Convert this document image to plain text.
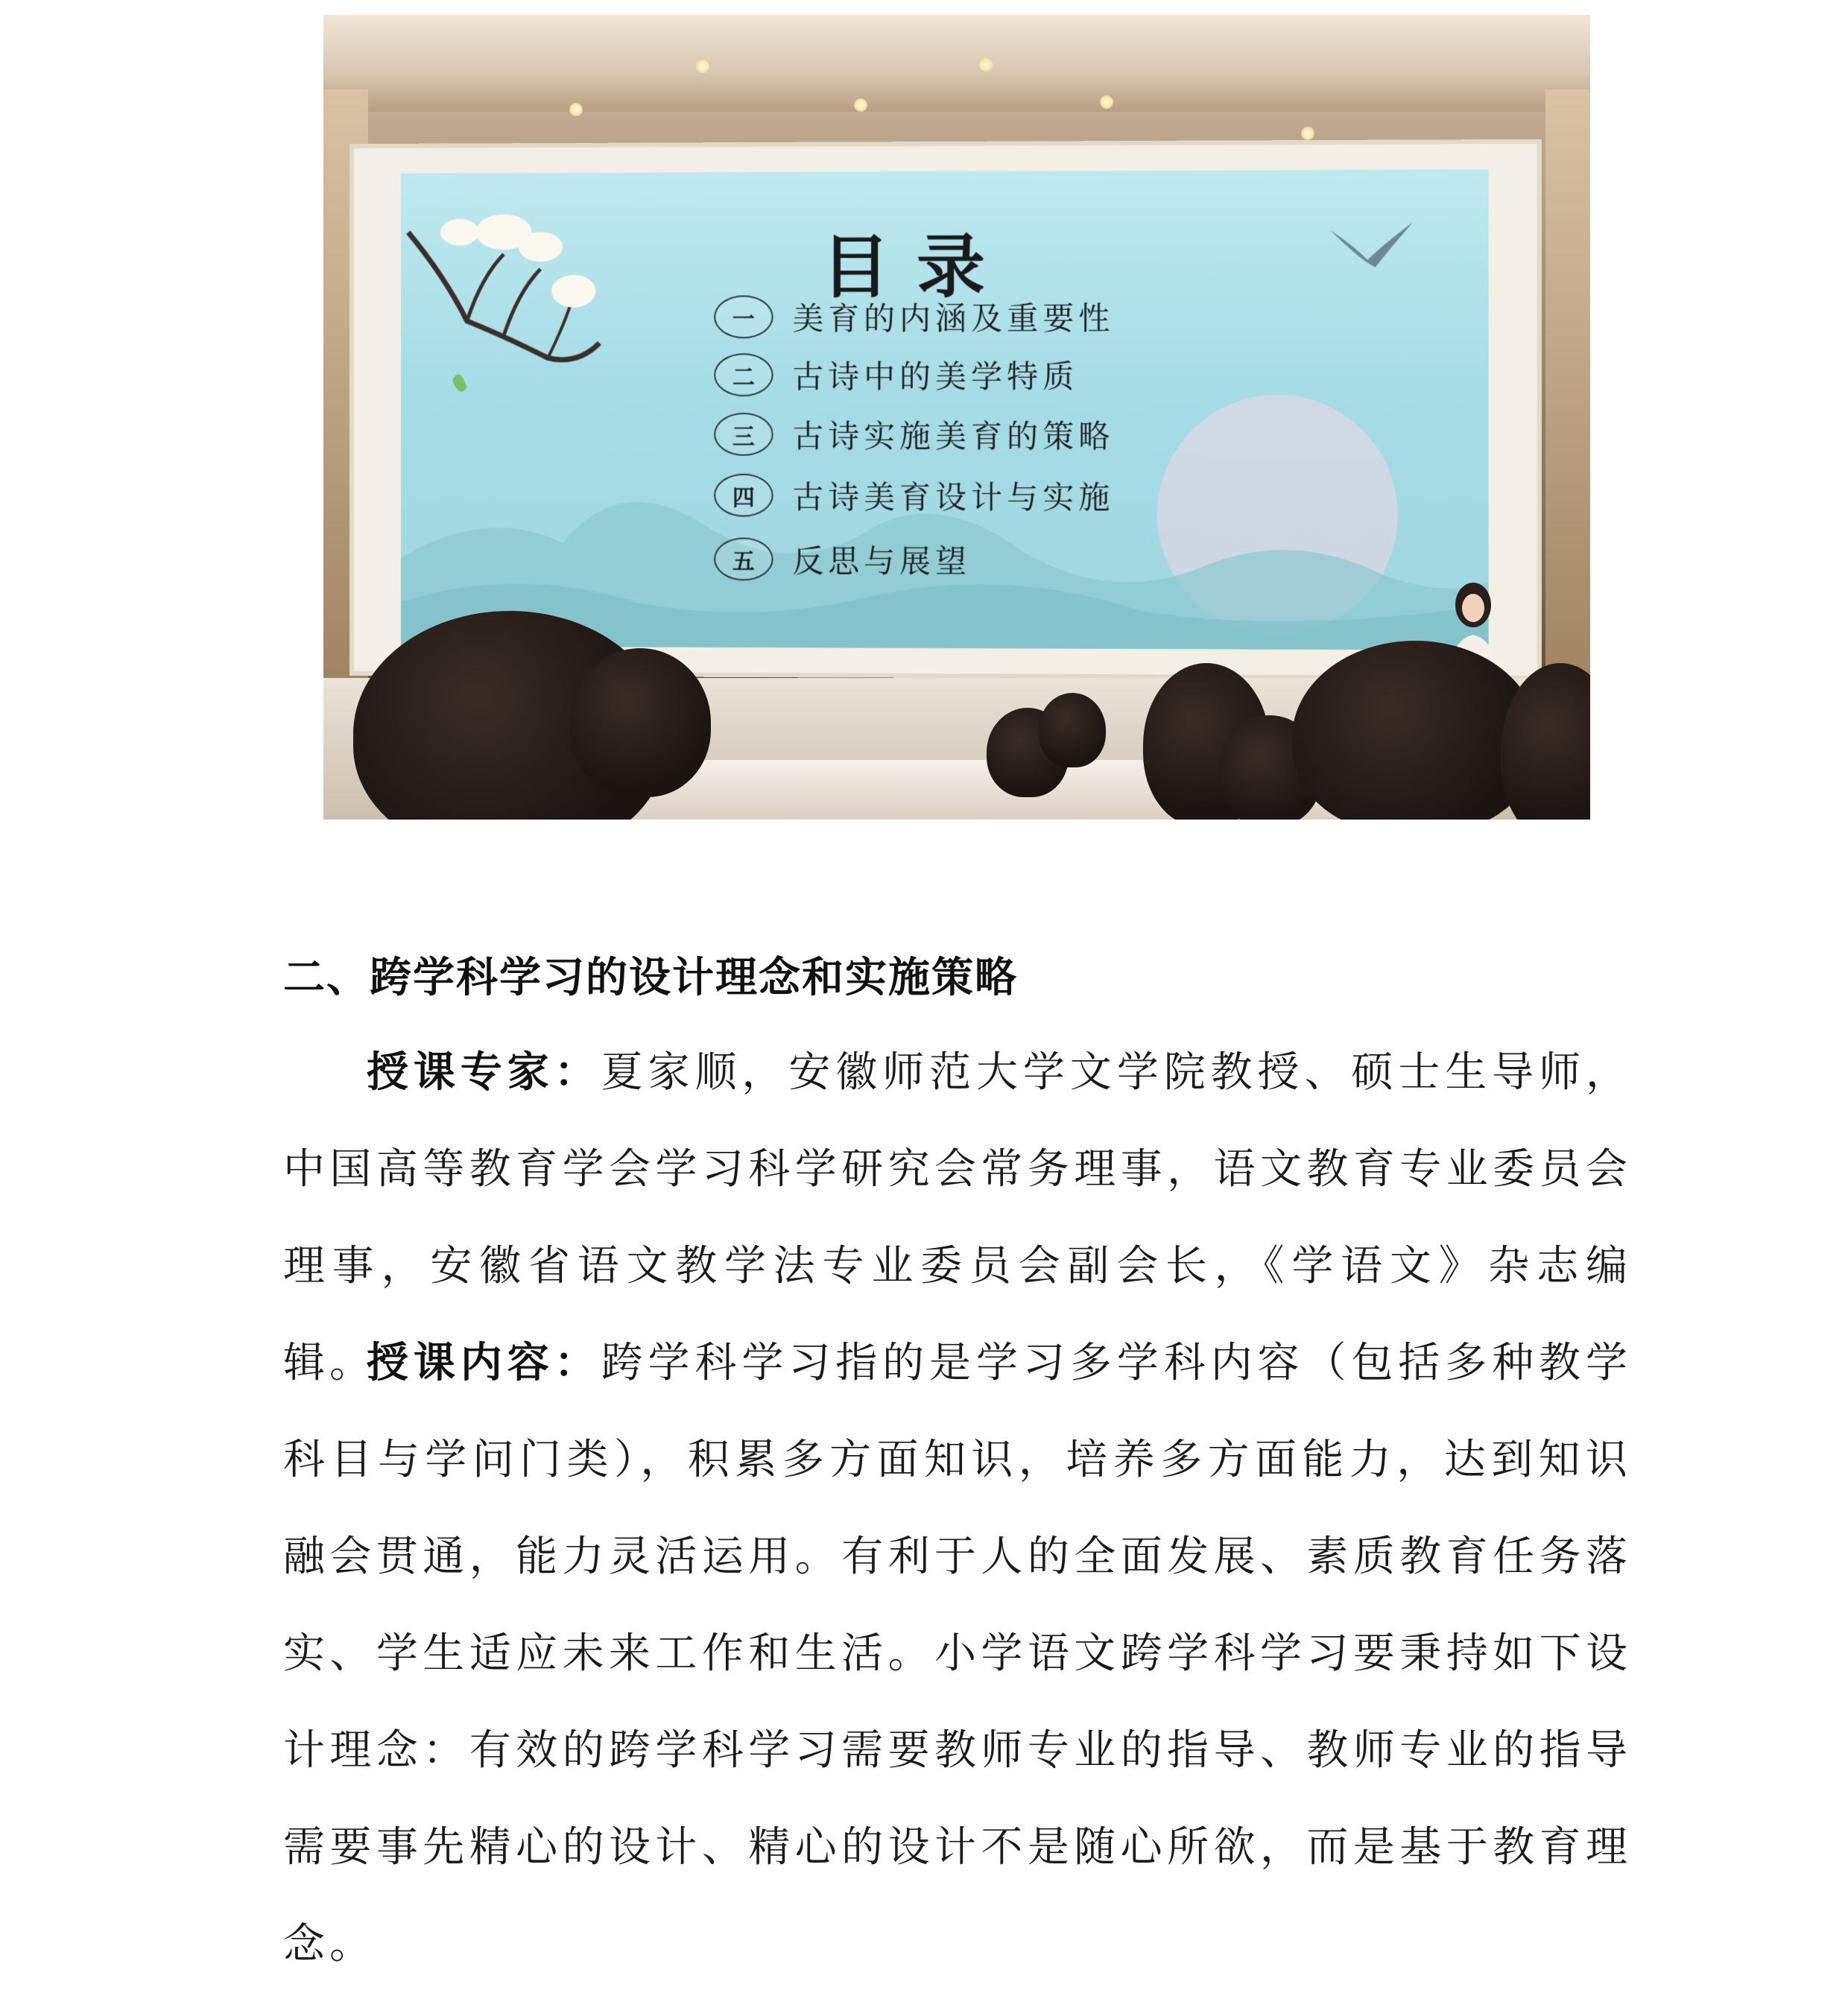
目录
一	美育的内涵及重要性
二	古诗中的美学特质
三	古诗实施美育的策略
四	古诗美育设计与实施
五	反思与展望
二、跨学科学习的设计理念和实施策略

授课专家：夏家顺，安徽师范大学文学院教授、硕士生导师，中国高等教育学会学习科学研究会常务理事，语文教育专业委员会理事，安徽省语文教学法专业委员会副会长，《学语文》杂志编辑。

授课内容：跨学科学习指的是学习多学科内容（包括多种教学科目与学问门类），积累多方面知识，培养多方面能力，达到知识融会贯通，能力灵活运用。有利于人的全面发展、素质教育任务落实、学生适应未来工作和生活。小学语文跨学科学习要秉持如下设计理念：有效的跨学科学习需要教师专业的指导、教师专业的指导需要事先精心的设计、精心的设计不是随心所欲，而是基于教育理念。
